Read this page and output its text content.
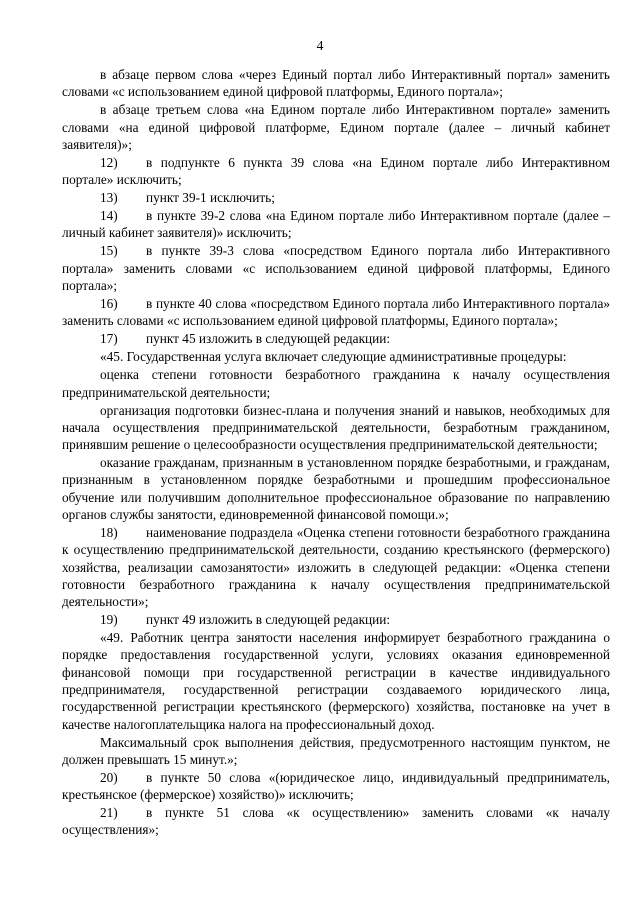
4

в абзаце первом слова «через Единый портал либо Интерактивный портал» заменить словами «с использованием единой цифровой платформы, Единого портала»;

в абзаце третьем слова «на Едином портале либо Интерактивном портале» заменить словами «на единой цифровой платформе, Едином портале (далее – личный кабинет заявителя)»;

12) в подпункте 6 пункта 39 слова «на Едином портале либо Интерактивном портале» исключить;

13) пункт 39-1 исключить;

14) в пункте 39-2 слова «на Едином портале либо Интерактивном портале (далее – личный кабинет заявителя)» исключить;

15) в пункте 39-3 слова «посредством Единого портала либо Интерактивного портала» заменить словами «с использованием единой цифровой платформы, Единого портала»;

16) в пункте 40 слова «посредством Единого портала либо Интерактивного портала» заменить словами «с использованием единой цифровой платформы, Единого портала»;

17) пункт 45 изложить в следующей редакции:

«45. Государственная услуга включает следующие административные процедуры:

оценка степени готовности безработного гражданина к началу осуществления предпринимательской деятельности;

организация подготовки бизнес-плана и получения знаний и навыков, необходимых для начала осуществления предпринимательской деятельности, безработным гражданином, принявшим решение о целесообразности осуществления предпринимательской деятельности;

оказание гражданам, признанным в установленном порядке безработными, и гражданам, признанным в установленном порядке безработными и прошедшим профессиональное обучение или получившим дополнительное профессиональное образование по направлению органов службы занятости, единовременной финансовой помощи.»;

18) наименование подраздела «Оценка степени готовности безработного гражданина к осуществлению предпринимательской деятельности, созданию крестьянского (фермерского) хозяйства, реализации самозанятости» изложить в следующей редакции: «Оценка степени готовности безработного гражданина к началу осуществления предпринимательской деятельности»;

19) пункт 49 изложить в следующей редакции:

«49. Работник центра занятости населения информирует безработного гражданина о порядке предоставления государственной услуги, условиях оказания единовременной финансовой помощи при государственной регистрации в качестве индивидуального предпринимателя, государственной регистрации создаваемого юридического лица, государственной регистрации крестьянского (фермерского) хозяйства, постановке на учет в качестве налогоплательщика налога на профессиональный доход.

Максимальный срок выполнения действия, предусмотренного настоящим пунктом, не должен превышать 15 минут.»;

20) в пункте 50 слова «(юридическое лицо, индивидуальный предприниматель, крестьянское (фермерское) хозяйство)» исключить;

21) в пункте 51 слова «к осуществлению» заменить словами «к началу осуществления»;
